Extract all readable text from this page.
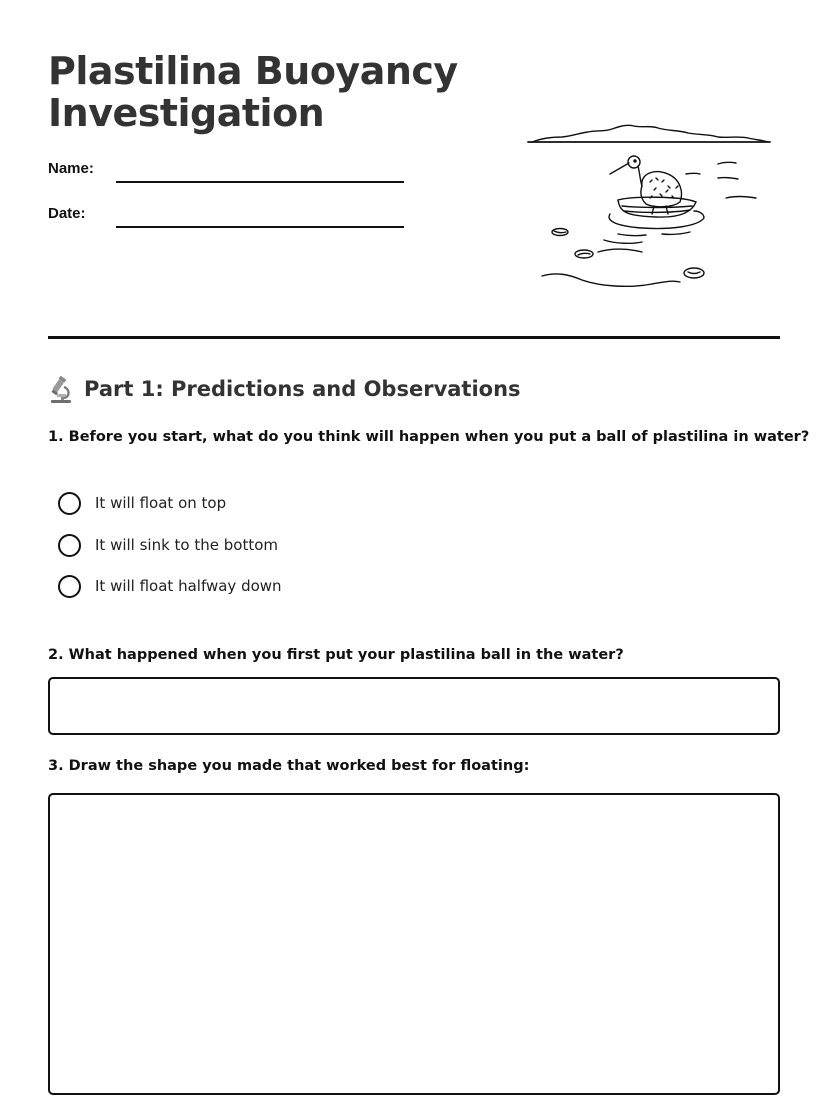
Plastilina Buoyancy
Investigation
Name:
Date:
Part 1: Predictions and Observations

1. Before you start, what do you think will happen when you put a ball of plastilina in water?

It will float on top
It will sink to the bottom
It will float halfway down

2. What happened when you first put your plastilina ball in the water?

3. Draw the shape you made that worked best for floating:
